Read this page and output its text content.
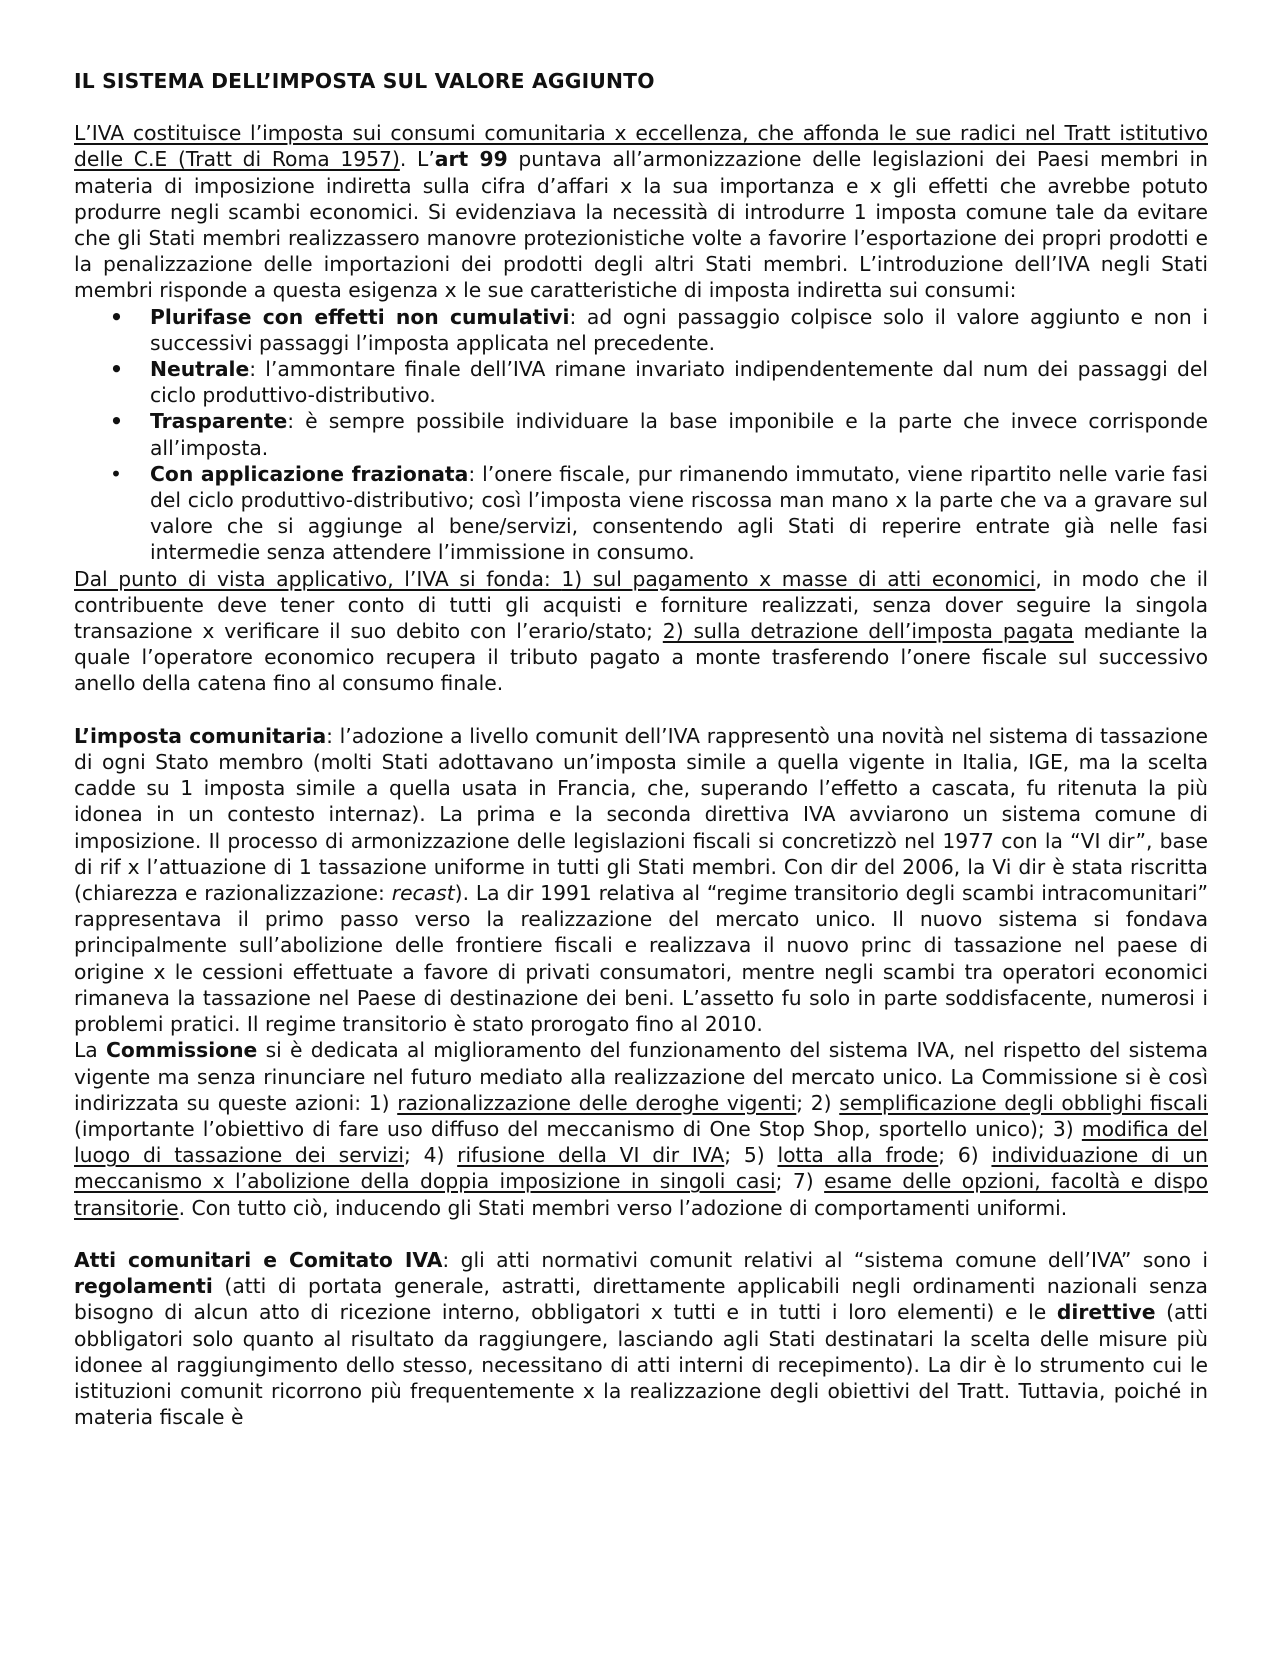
IL SISTEMA DELL’IMPOSTA SUL VALORE AGGIUNTO

L’IVA costituisce l’imposta sui consumi comunitaria x eccellenza, che affonda le sue radici nel Tratt istitutivo delle C.E (Tratt di Roma 1957). L’art 99 puntava all’armonizzazione delle legislazioni dei Paesi membri in materia di imposizione indiretta sulla cifra d’affari x la sua importanza e x gli effetti che avrebbe potuto produrre negli scambi economici. Si evidenziava la necessità di introdurre 1 imposta comune tale da evitare che gli Stati membri realizzassero manovre protezionistiche volte a favorire l’esportazione dei propri prodotti e la penalizzazione delle importazioni dei prodotti degli altri Stati membri. L’introduzione dell’IVA negli Stati membri risponde a questa esigenza x le sue caratteristiche di imposta indiretta sui consumi:

• Plurifase con effetti non cumulativi: ad ogni passaggio colpisce solo il valore aggiunto e non i successivi passaggi l’imposta applicata nel precedente.
• Neutrale: l’ammontare finale dell’IVA rimane invariato indipendentemente dal num dei passaggi del ciclo produttivo-distributivo.
• Trasparente: è sempre possibile individuare la base imponibile e la parte che invece corrisponde all’imposta.
• Con applicazione frazionata: l’onere fiscale, pur rimanendo immutato, viene ripartito nelle varie fasi del ciclo produttivo-distributivo; così l’imposta viene riscossa man mano x la parte che va a gravare sul valore che si aggiunge al bene/servizi, consentendo agli Stati di reperire entrate già nelle fasi intermedie senza attendere l’immissione in consumo.

Dal punto di vista applicativo, l’IVA si fonda: 1) sul pagamento x masse di atti economici, in modo che il contribuente deve tener conto di tutti gli acquisti e forniture realizzati, senza dover seguire la singola transazione x verificare il suo debito con l’erario/stato; 2) sulla detrazione dell’imposta pagata mediante la quale l’operatore economico recupera il tributo pagato a monte trasferendo l’onere fiscale sul successivo anello della catena fino al consumo finale.

L’imposta comunitaria: l’adozione a livello comunit dell’IVA rappresentò una novità nel sistema di tassazione di ogni Stato membro (molti Stati adottavano un’imposta simile a quella vigente in Italia, IGE, ma la scelta cadde su 1 imposta simile a quella usata in Francia, che, superando l’effetto a cascata, fu ritenuta la più idonea in un contesto internaz). La prima e la seconda direttiva IVA avviarono un sistema comune di imposizione. Il processo di armonizzazione delle legislazioni fiscali si concretizzò nel 1977 con la “VI dir”, base di rif x l’attuazione di 1 tassazione uniforme in tutti gli Stati membri. Con dir del 2006, la Vi dir è stata riscritta (chiarezza e razionalizzazione: recast). La dir 1991 relativa al “regime transitorio degli scambi intracomunitari” rappresentava il primo passo verso la realizzazione del mercato unico. Il nuovo sistema si fondava principalmente sull’abolizione delle frontiere fiscali e realizzava il nuovo princ di tassazione nel paese di origine x le cessioni effettuate a favore di privati consumatori, mentre negli scambi tra operatori economici rimaneva la tassazione nel Paese di destinazione dei beni. L’assetto fu solo in parte soddisfacente, numerosi i problemi pratici. Il regime transitorio è stato prorogato fino al 2010.

La Commissione si è dedicata al miglioramento del funzionamento del sistema IVA, nel rispetto del sistema vigente ma senza rinunciare nel futuro mediato alla realizzazione del mercato unico. La Commissione si è così indirizzata su queste azioni: 1) razionalizzazione delle deroghe vigenti; 2) semplificazione degli obblighi fiscali (importante l’obiettivo di fare uso diffuso del meccanismo di One Stop Shop, sportello unico); 3) modifica del luogo di tassazione dei servizi; 4) rifusione della VI dir IVA; 5) lotta alla frode; 6) individuazione di un meccanismo x l’abolizione della doppia imposizione in singoli casi; 7) esame delle opzioni, facoltà e dispo transitorie. Con tutto ciò, inducendo gli Stati membri verso l’adozione di comportamenti uniformi.

Atti comunitari e Comitato IVA: gli atti normativi comunit relativi al “sistema comune dell’IVA” sono i regolamenti (atti di portata generale, astratti, direttamente applicabili negli ordinamenti nazionali senza bisogno di alcun atto di ricezione interno, obbligatori x tutti e in tutti i loro elementi) e le direttive (atti obbligatori solo quanto al risultato da raggiungere, lasciando agli Stati destinatari la scelta delle misure più idonee al raggiungimento dello stesso, necessitano di atti interni di recepimento). La dir è lo strumento cui le istituzioni comunit ricorrono più frequentemente x la realizzazione degli obiettivi del Tratt. Tuttavia, poiché in materia fiscale è
